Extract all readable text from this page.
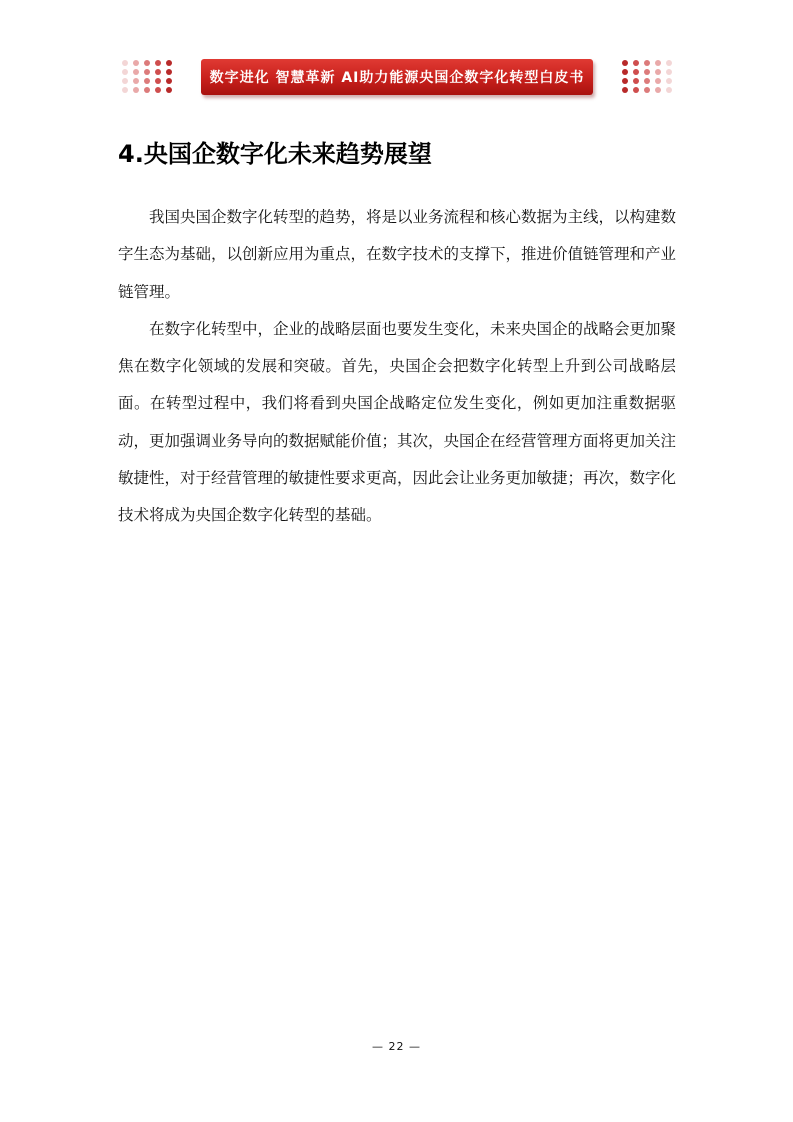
数字进化 智慧革新 AI助力能源央国企数字化转型白皮书
4.央国企数字化未来趋势展望

我国央国企数字化转型的趋势，将是以业务流程和核心数据为主线，以构建数字生态为基础，以创新应用为重点，在数字技术的支撑下，推进价值链管理和产业链管理。

在数字化转型中，企业的战略层面也要发生变化，未来央国企的战略会更加聚焦在数字化领域的发展和突破。首先，央国企会把数字化转型上升到公司战略层面。在转型过程中，我们将看到央国企战略定位发生变化，例如更加注重数据驱动，更加强调业务导向的数据赋能价值；其次，央国企在经营管理方面将更加关注敏捷性，对于经营管理的敏捷性要求更高，因此会让业务更加敏捷；再次，数字化技术将成为央国企数字化转型的基础。

— 22 —
